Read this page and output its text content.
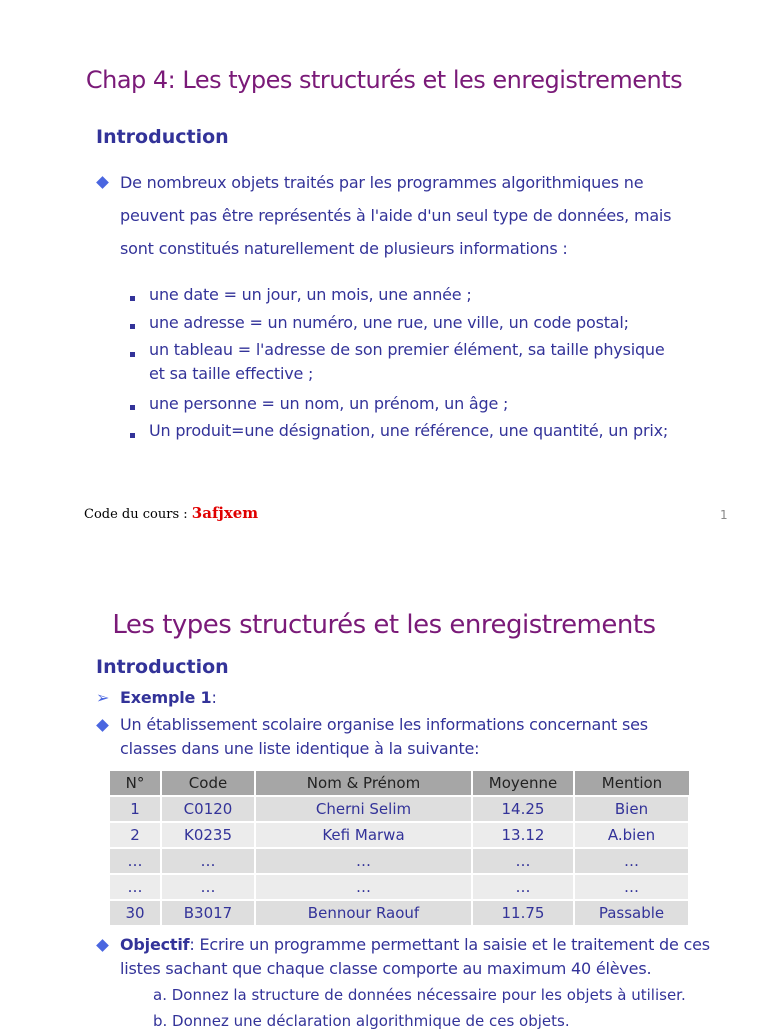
Chap 4: Les types structurés et les enregistrements
Introduction
De nombreux objets traités par les programmes algorithmiques ne
peuvent pas être représentés à l'aide d'un seul type de données, mais
sont constitués naturellement de plusieurs informations :
une date = un jour, un mois, une année ;
une adresse = un numéro, une rue, une ville, un code postal;
un tableau = l'adresse de son premier élément, sa taille physique
et sa taille effective ;
une personne = un nom, un prénom, un âge ;
Un produit=une désignation, une référence, une quantité, un prix;
Code du cours : 3afjxem	1
Les types structurés et les enregistrements
Introduction
➢ Exemple 1:
Un établissement scolaire organise les informations concernant ses
classes dans une liste identique à la suivante:
N°	Code	Nom & Prénom	Moyenne	Mention
1	C0120	Cherni Selim	14.25	Bien
2	K0235	Kefi Marwa	13.12	A.bien
…	…	…	…	…
…	…	…	…	…
30	B3017	Bennour Raouf	11.75	Passable
Objectif: Ecrire un programme permettant la saisie et le traitement de ces
listes sachant que chaque classe comporte au maximum 40 élèves.
a. Donnez la structure de données nécessaire pour les objets à utiliser.
b. Donnez une déclaration algorithmique de ces objets.
